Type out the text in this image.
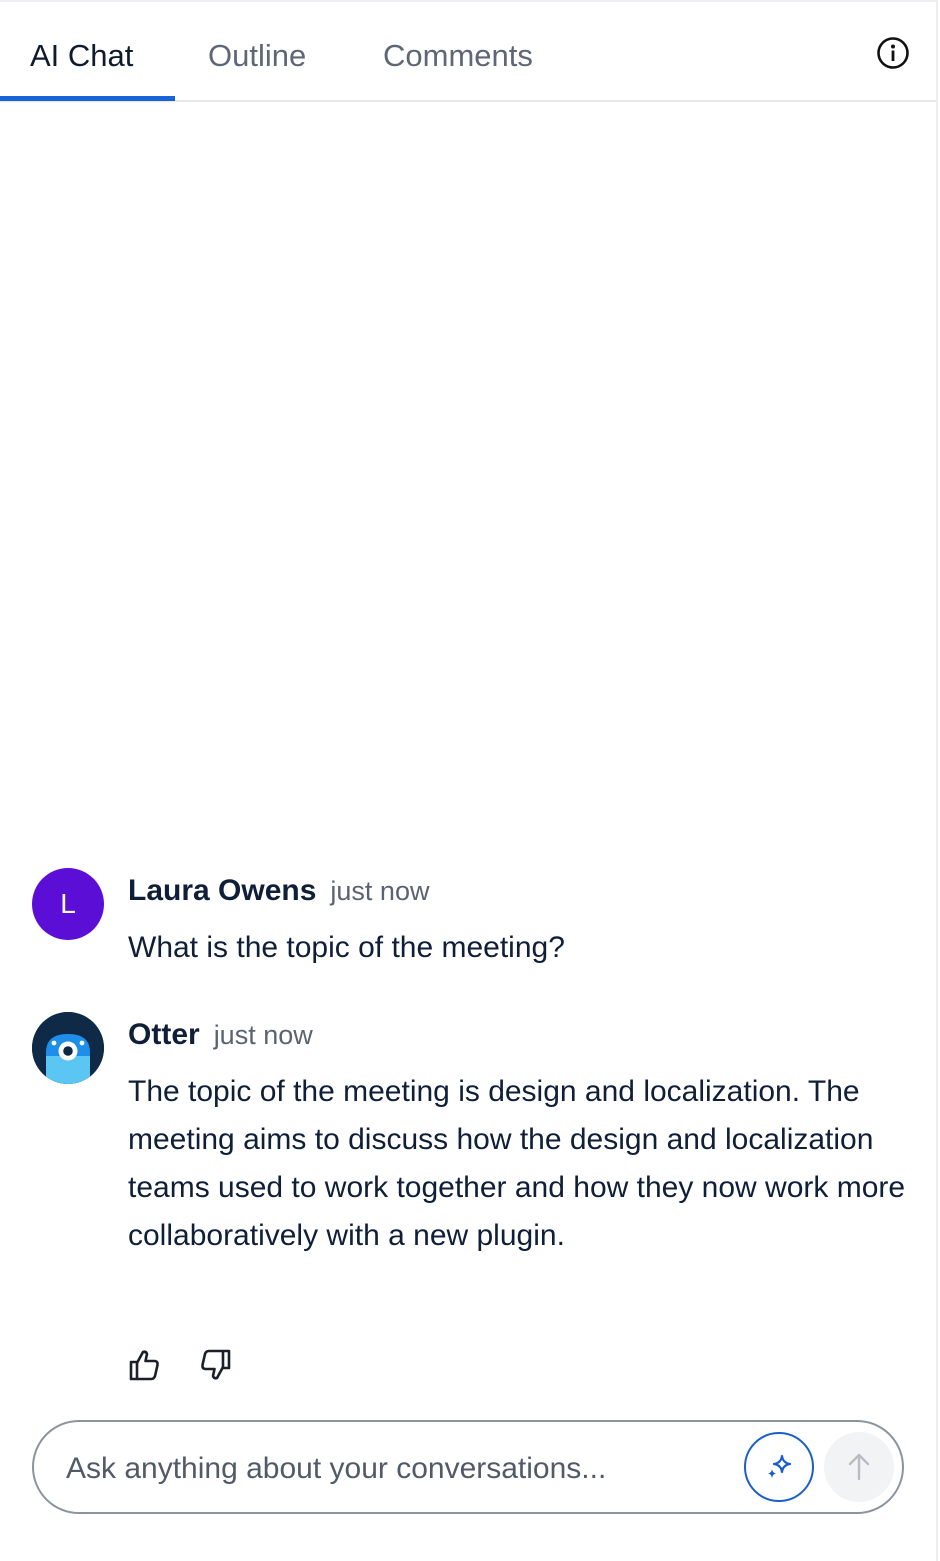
AI Chat Outline Comments
L	Laura Owens just now
What is the topic of the meeting?
Otter just now
The topic of the meeting is design and localization. The meeting aims to discuss how the design and localization teams used to work together and how they now work more collaboratively with a new plugin.
Ask anything about your conversations...
